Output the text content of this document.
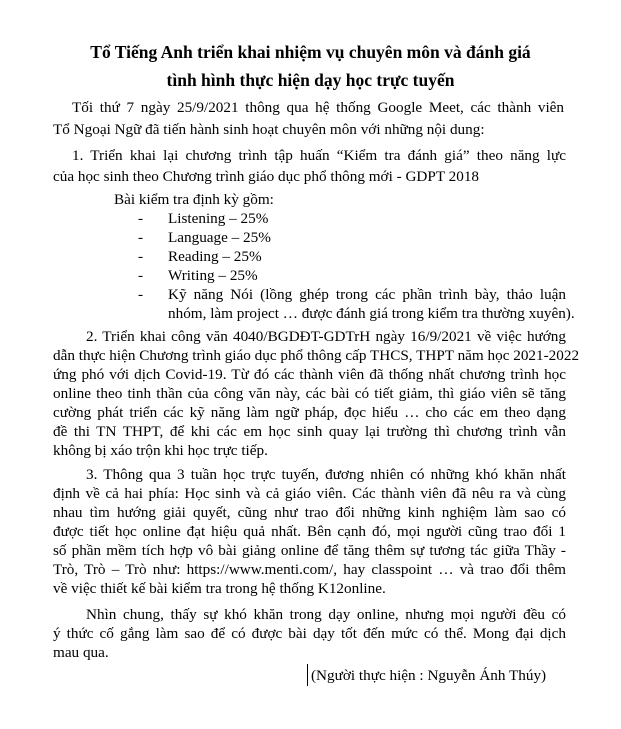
Tổ Tiếng Anh triển khai nhiệm vụ chuyên môn và đánh giá
tình hình thực hiện dạy học trực tuyến
Tối thứ 7 ngày 25/9/2021 thông qua hệ thống Google Meet, các thành viên
Tổ Ngoại Ngữ đã tiến hành sinh hoạt chuyên môn với những nội dung:
1. Triển khai lại chương trình tập huấn “Kiểm tra đánh giá” theo năng lực
của học sinh theo Chương trình giáo dục phổ thông mới - GDPT 2018
Bài kiểm tra định kỳ gồm:
- Listening – 25%
- Language – 25%
- Reading – 25%
- Writing – 25%
- Kỹ năng Nói (lồng ghép trong các phần trình bày, thảo luận
nhóm, làm project … được đánh giá trong kiểm tra thường xuyên).
2. Triển khai công văn 4040/BGDĐT-GDTrH ngày 16/9/2021 về việc hướng
dẫn thực hiện Chương trình giáo dục phổ thông cấp THCS, THPT năm học 2021-2022
ứng phó với dịch Covid-19. Từ đó các thành viên đã thống nhất chương trình học
online theo tinh thần của công văn này, các bài có tiết giảm, thì giáo viên sẽ tăng
cường phát triển các kỹ năng làm ngữ pháp, đọc hiểu … cho các em theo dạng
đề thi TN THPT, để khi các em học sinh quay lại trường thì chương trình vẫn
không bị xáo trộn khi học trực tiếp.
3. Thông qua 3 tuần học trực tuyến, đương nhiên có những khó khăn nhất
định về cả hai phía: Học sinh và cả giáo viên. Các thành viên đã nêu ra và cùng
nhau tìm hướng giải quyết, cũng như trao đổi những kinh nghiệm làm sao có
được tiết học online đạt hiệu quả nhất. Bên cạnh đó, mọi người cũng trao đổi 1
số phần mềm tích hợp vô bài giảng online để tăng thêm sự tương tác giữa Thầy -
Trò, Trò – Trò như: https://www.menti.com/, hay classpoint … và trao đổi thêm
về việc thiết kế bài kiểm tra trong hệ thống K12online.
Nhìn chung, thấy sự khó khăn trong dạy online, nhưng mọi người đều có
ý thức cố gắng làm sao để có được bài dạy tốt đến mức có thể. Mong đại dịch
mau qua.
(Người thực hiện : Nguyễn Ánh Thúy)
